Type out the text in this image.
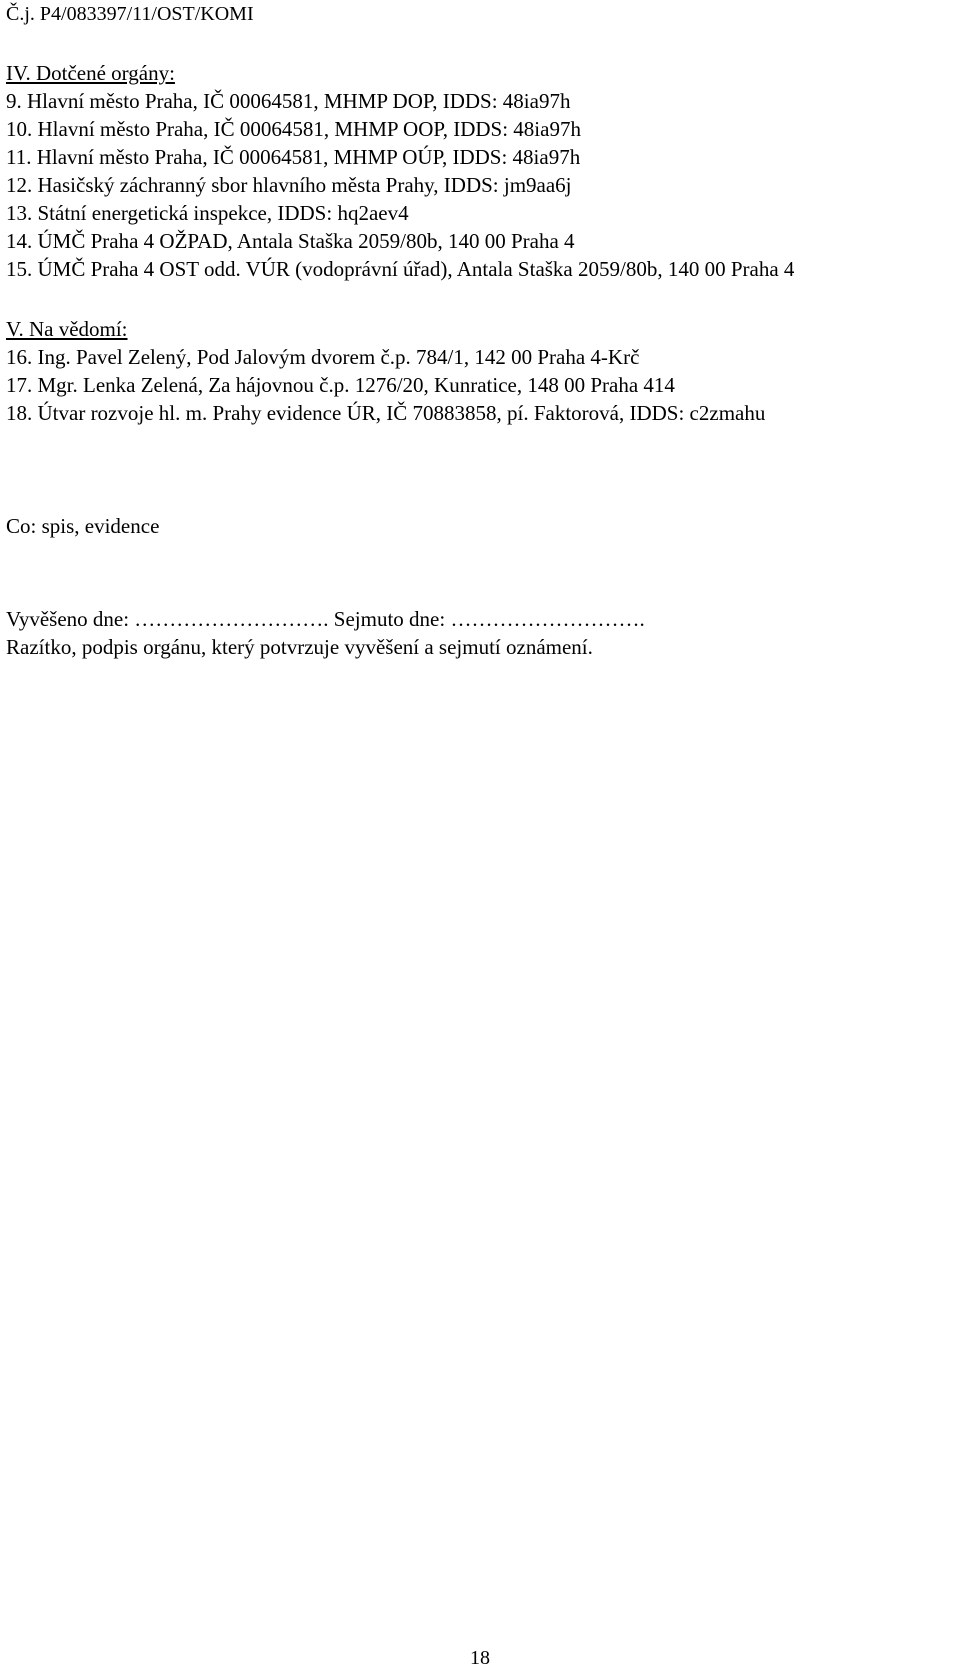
Č.j. P4/083397/11/OST/KOMI
IV. Dotčené orgány:
9. Hlavní město Praha, IČ 00064581, MHMP DOP, IDDS: 48ia97h
10. Hlavní město Praha, IČ 00064581, MHMP OOP, IDDS: 48ia97h
11. Hlavní město Praha, IČ 00064581, MHMP OÚP, IDDS: 48ia97h
12. Hasičský záchranný sbor hlavního města Prahy, IDDS: jm9aa6j
13. Státní energetická inspekce, IDDS: hq2aev4
14. ÚMČ Praha 4 OŽPAD, Antala Staška 2059/80b, 140 00 Praha 4
15. ÚMČ Praha 4 OST odd. VÚR (vodoprávní úřad), Antala Staška 2059/80b, 140 00 Praha 4
V. Na vědomí:
16. Ing. Pavel Zelený, Pod Jalovým dvorem č.p. 784/1, 142 00 Praha 4-Krč
17. Mgr. Lenka Zelená, Za hájovnou č.p. 1276/20, Kunratice, 148 00 Praha 414
18. Útvar rozvoje hl. m. Prahy evidence ÚR, IČ 70883858, pí. Faktorová, IDDS: c2zmahu
Co: spis, evidence
Vyvěšeno dne: ………………………. Sejmuto dne: ……………………….
Razítko, podpis orgánu, který potvrzuje vyvěšení a sejmutí oznámení.
18
